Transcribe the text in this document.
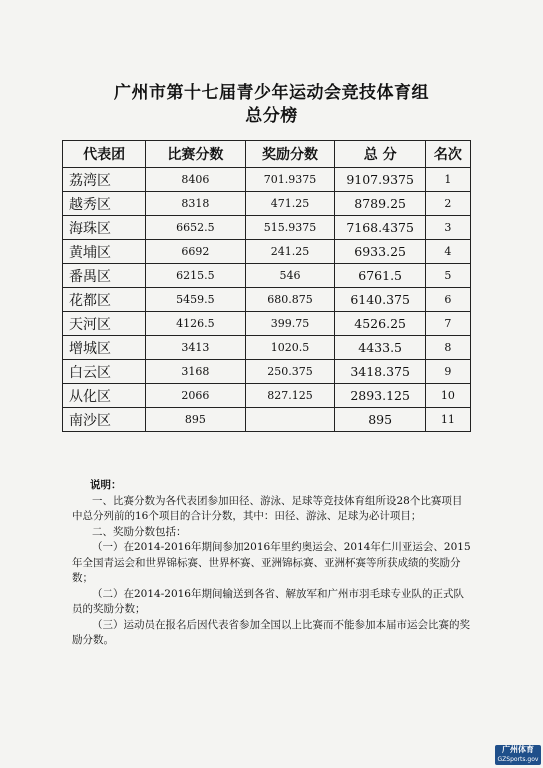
广州市第十七届青少年运动会竞技体育组
总分榜
代表团	比赛分数	奖励分数	总 分	名次
荔湾区	8406	701.9375	9107.9375	1
越秀区	8318	471.25	8789.25	2
海珠区	6652.5	515.9375	7168.4375	3
黄埔区	6692	241.25	6933.25	4
番禺区	6215.5	546	6761.5	5
花都区	5459.5	680.875	6140.375	6
天河区	4126.5	399.75	4526.25	7
增城区	3413	1020.5	4433.5	8
白云区	3168	250.375	3418.375	9
从化区	2066	827.125	2893.125	10
南沙区	895		895	11
说明：

一、比赛分数为各代表团参加田径、游泳、足球等竞技体育组所设28个比赛项目中总分列前的16个项目的合计分数，其中：田径、游泳、足球为必计项目；

二、奖励分数包括：

（一）在2014-2016年期间参加2016年里约奥运会、2014年仁川亚运会、2015年全国青运会和世界锦标赛、世界杯赛、亚洲锦标赛、亚洲杯赛等所获成绩的奖励分数；

（二）在2014-2016年期间输送到各省、解放军和广州市羽毛球专业队的正式队员的奖励分数；

（三）运动员在报名后因代表省参加全国以上比赛而不能参加本届市运会比赛的奖励分数。

广州体育
GZSports.gov
